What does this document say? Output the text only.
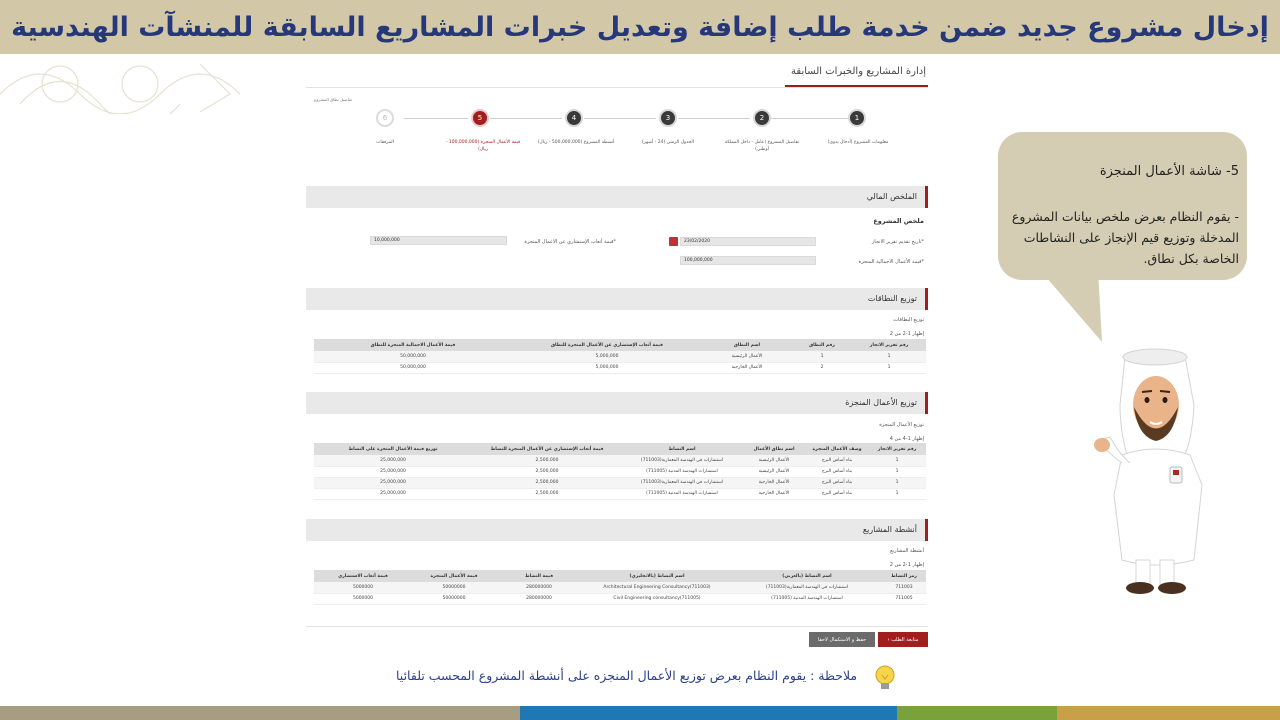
إدخال مشروع جديد ضمن خدمة طلب إضافة وتعديل خبرات المشاريع السابقة للمنشآت الهندسية
إدارة المشاريع والخبرات السابقة
تفاصيل نطاق المشروع
1
2
3
4
5
6
معلومات المشروع (أدخال يدوي)
تفاصيل المشروع (عامل - داخل المملكة أوطني)
الجدول الزمني (24 - أشهر)
أنشطة المشروع (500,000,000 - ريال)
قيمة الأعمال المنجزة (100,000,000 - ريال)
المرفقات
الملخص المالي
ملخص المشروع
*تاريخ تقديم تقرير الانجاز
23/02/2020
*قيمة أتعاب الإستشاري عن الاعمال المنجزة
10,000,000
*قيمة الأعمال الاجمالية المنجزة
100,000,000
توزيع النطاقات
توزيع النطاقات
إظهار 1-2 من 2
رقم تقرير الانجاز	رقم النطاق	اسم النطاق	قيمة أتعاب الإستشاري عن الأعمال المنجزة للنطاق	قيمة الأعمال الاجمالية المنجزة للنطاق
1	1	الأعمال الرئيسية	5,000,000	50,000,000
1	2	الأعمال الخارجية	5,000,000	50,000,000
توزيع الأعمال المنجزة
توزيع الأعمال المنجزة
إظهار 1-4 من 4
رقم تقرير الانجاز	وصف الأعمال المنجزة	اسم نطاق الأعمال	اسم النشاط	قيمة أتعاب الإستشاري عن الأعمال المنجزة للنشاط	توزيع قيمة الأعمال المنجزة على النشاط
1	بناء أساس البرج	الأعمال الرئيسية	استشارات في الهندسة المعمارية(711003)	2,500,000	25,000,000
1	بناء أساس البرج	الأعمال الرئيسية	استشارات الهندسة المدنية (711005)	2,500,000	25,000,000
1	بناء أساس البرج	الأعمال الخارجية	استشارات في الهندسة المعمارية(711003)	2,500,000	25,000,000
1	بناء أساس البرج	الأعمال الخارجية	استشارات الهندسة المدنية (711005)	2,500,000	25,000,000
أنشطة المشاريع
أنشطة المشاريع
إظهار 1-2 من 2
رمز النشاط	اسم النشاط (بالعربي)	اسم النشاط (بالانجليزي)	قيمة النشاط	قيمة الأعمال المنجزة	قيمة أتعاب الاستشاري
711003	استشارات في الهندسة المعمارية(711003)	Architectural Engineering Consultancy(711003)	280000000	50000000	5000000
711005	استشارات الهندسة المدنية (711005)	Civil Engineering consultancy(711005)	280000000	50000000	5000000
متابعة الطلب ›
حفظ و الاستكمال لاحقا
5- شاشة الأعمال المنجزة
- يقوم النظام بعرض ملخص بيانات المشروع المدخلة وتوزيع قيم الإنجاز على النشاطات الخاصة بكل نطاق.
ملاحظة : يقوم النظام بعرض توزيع الأعمال المنجزه على أنشطة المشروع المحسب تلقائيا
